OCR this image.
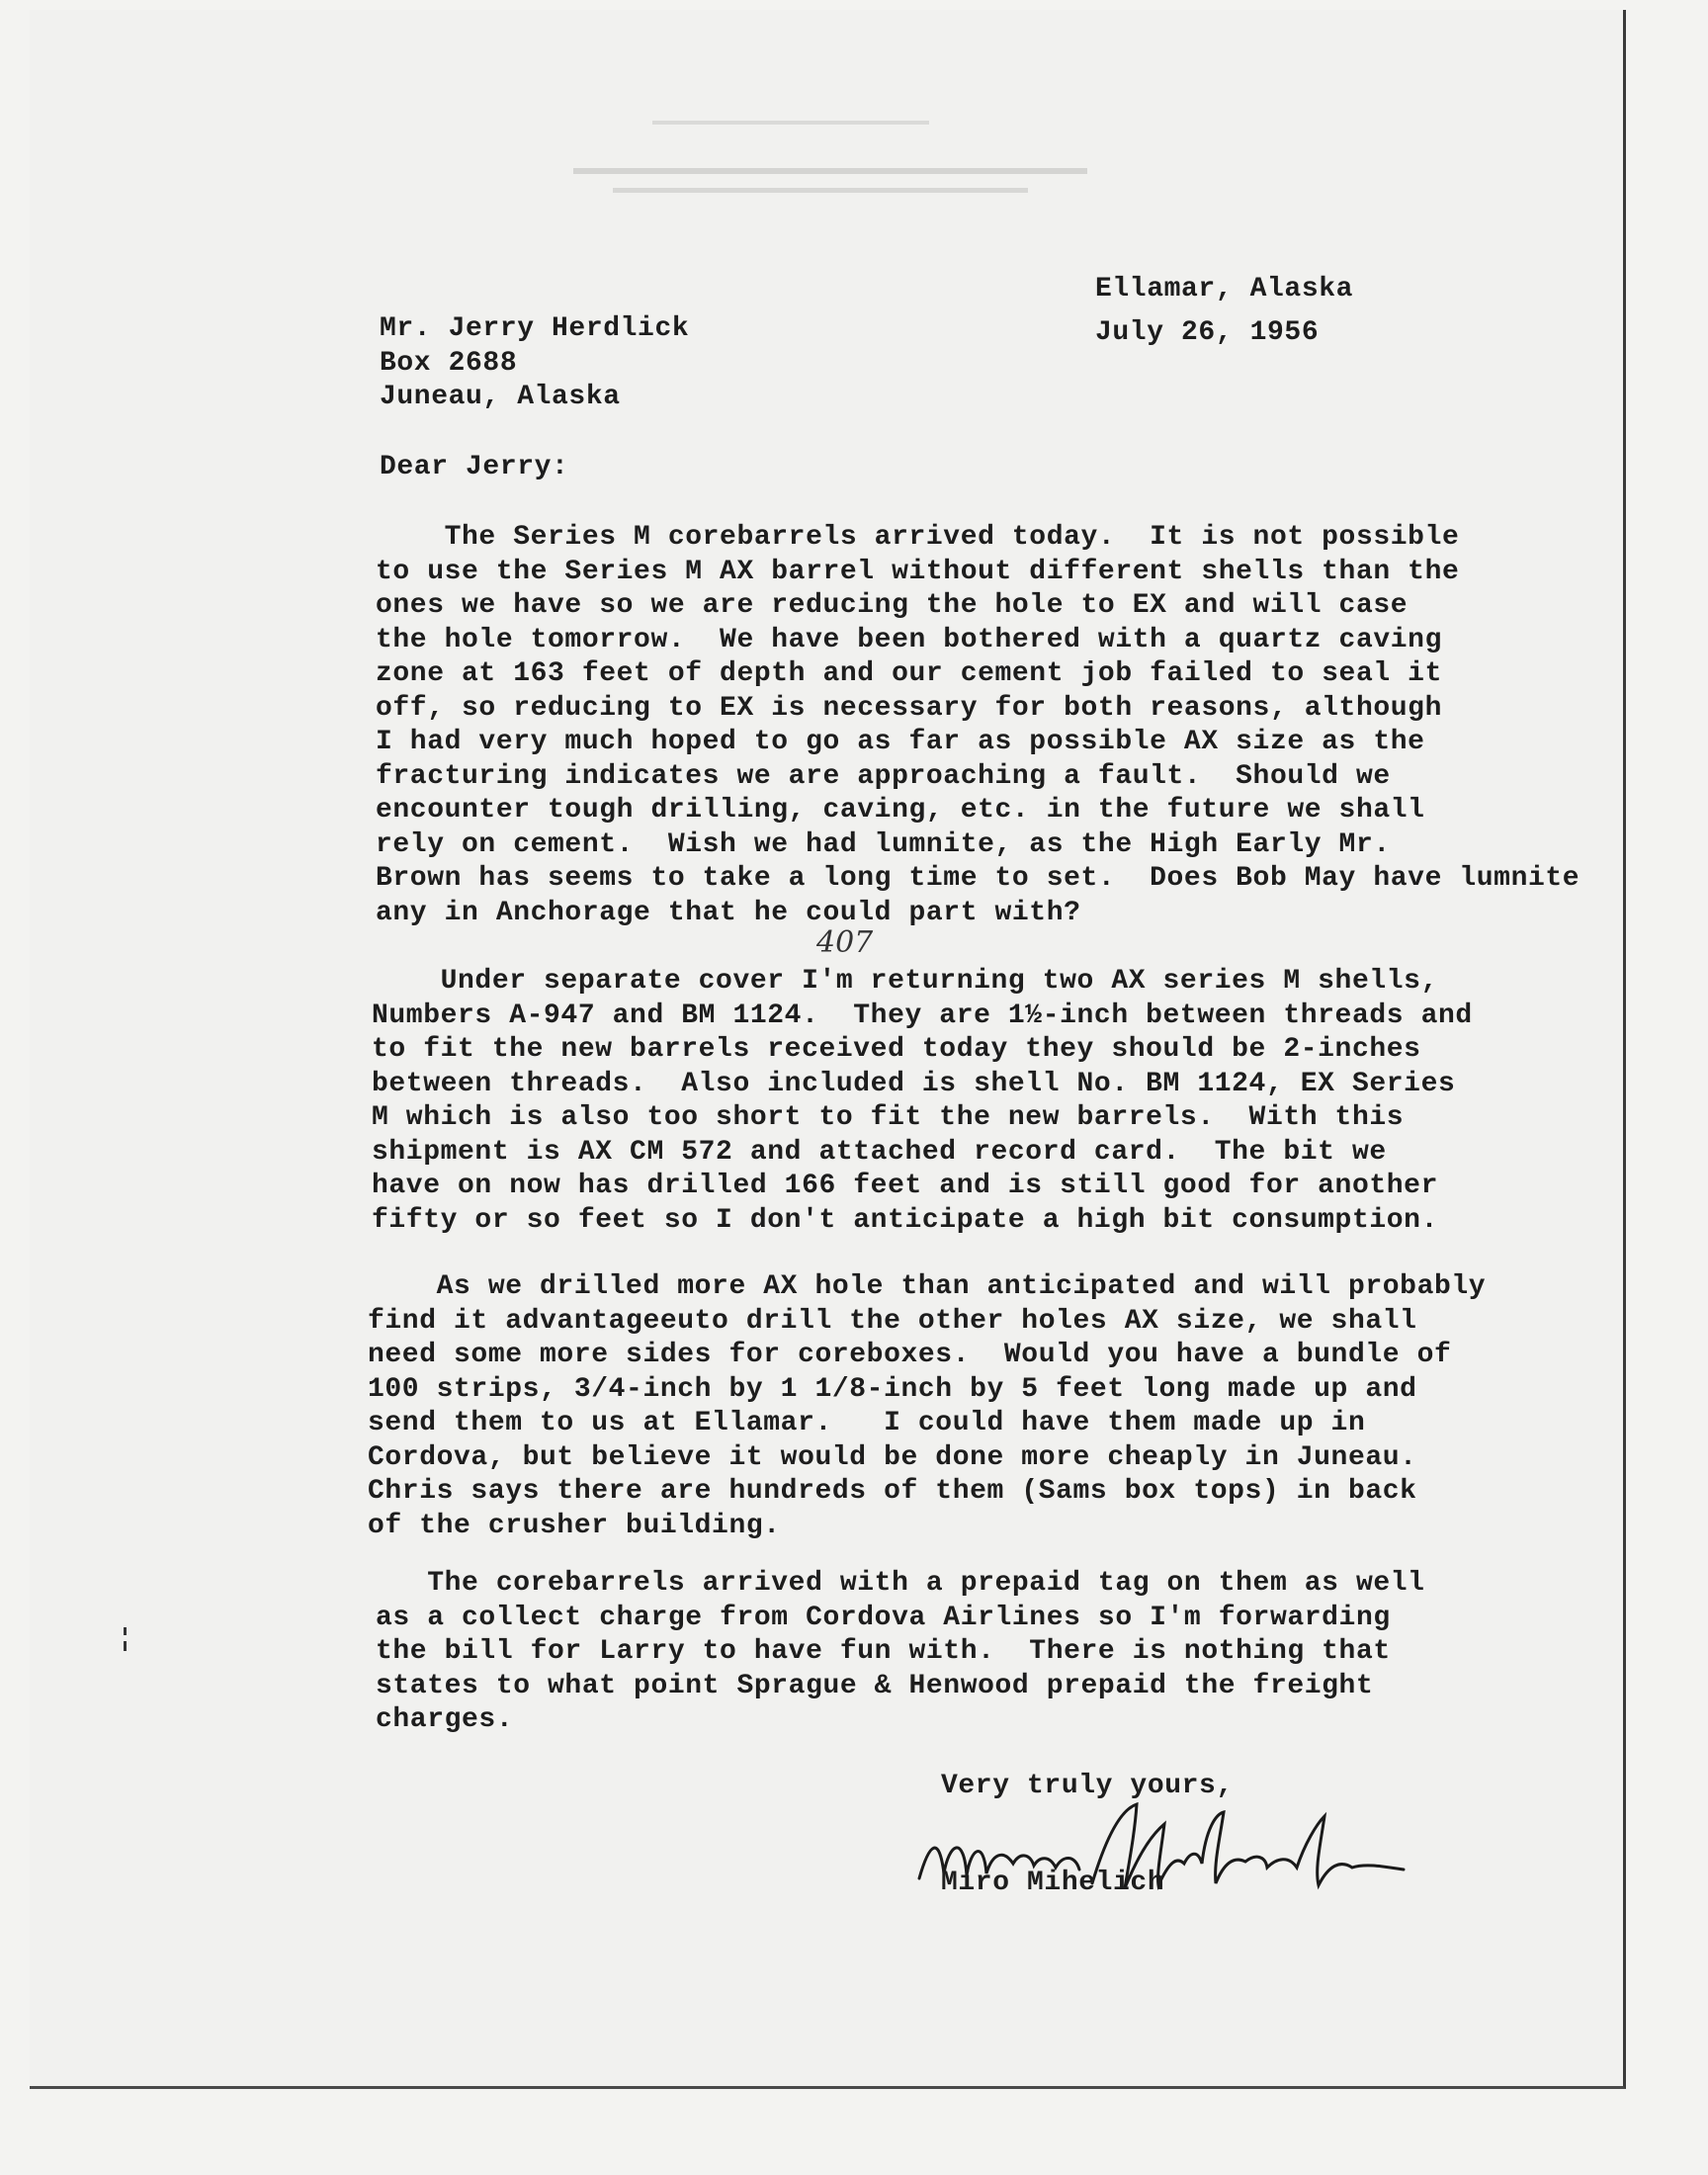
Ellamar, Alaska
July 26, 1956
Mr. Jerry Herdlick
Box 2688
Juneau, Alaska
Dear Jerry:

The Series M corebarrels arrived today.  It is not possible

to use the Series M AX barrel without different shells than the

ones we have so we are reducing the hole to EX and will case

the hole tomorrow.  We have been bothered with a quartz caving

zone at 163 feet of depth and our cement job failed to seal it

off, so reducing to EX is necessary for both reasons, although

I had very much hoped to go as far as possible AX size as the

fracturing indicates we are approaching a fault.  Should we

encounter tough drilling, caving, etc. in the future we shall

rely on cement.  Wish we had lumnite, as the High Early Mr.

Brown has seems to take a long time to set.  Does Bob May have lumnite

any in Anchorage that he could part with?

407

Under separate cover I'm returning two AX series M shells,

Numbers A-947 and BM 1124.  They are 1½-inch between threads and

to fit the new barrels received today they should be 2-inches

between threads.  Also included is shell No. BM 1124, EX Series

M which is also too short to fit the new barrels.  With this

shipment is AX CM 572 and attached record card.  The bit we

have on now has drilled 166 feet and is still good for another

fifty or so feet so I don't anticipate a high bit consumption.

As we drilled more AX hole than anticipated and will probably

find it advantageeuto drill the other holes AX size, we shall

need some more sides for coreboxes.  Would you have a bundle of

100 strips, 3/4-inch by 1 1/8-inch by 5 feet long made up and

send them to us at Ellamar.   I could have them made up in

Cordova, but believe it would be done more cheaply in Juneau.

Chris says there are hundreds of them (Sams box tops) in back

of the crusher building.

The corebarrels arrived with a prepaid tag on them as well

as a collect charge from Cordova Airlines so I'm forwarding

the bill for Larry to have fun with.  There is nothing that

states to what point Sprague & Henwood prepaid the freight

charges.

Very truly yours,
Miro Mihelich
